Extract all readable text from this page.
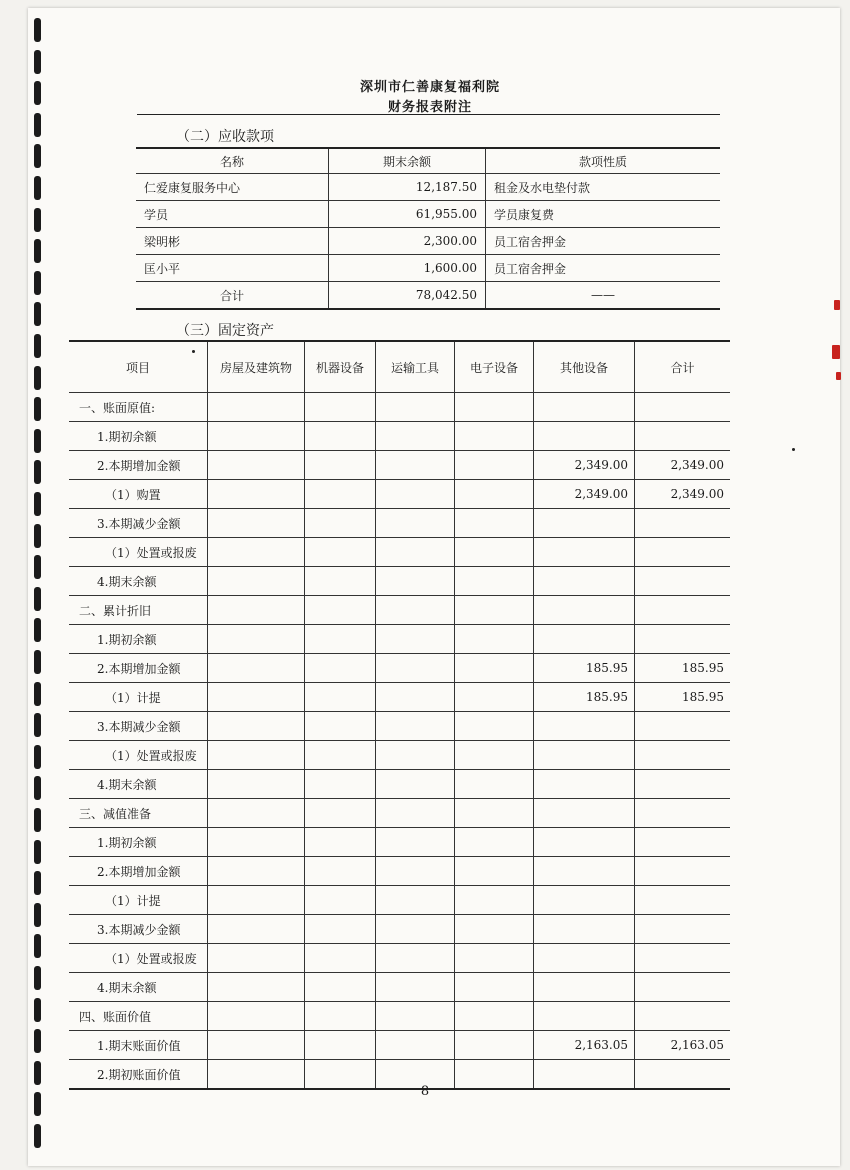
深圳市仁善康复福利院
财务报表附注
（二）应收款项
名称	期末余额	款项性质
仁爱康复服务中心	12,187.50	租金及水电垫付款
学员	61,955.00	学员康复费
梁明彬	2,300.00	员工宿舍押金
匡小平	1,600.00	员工宿舍押金
合计	78,042.50	——
（三）固定资产
项目	房屋及建筑物	机器设备	运输工具	电子设备	其他设备	合计
一、账面原值:						
1.期初余额						
2.本期增加金额					2,349.00	2,349.00
（1）购置					2,349.00	2,349.00
3.本期减少金额						
（1）处置或报废						
4.期末余额						
二、累计折旧						
1.期初余额						
2.本期增加金额					185.95	185.95
（1）计提					185.95	185.95
3.本期减少金额						
（1）处置或报废						
4.期末余额						
三、减值准备						
1.期初余额						
2.本期增加金额						
（1）计提						
3.本期减少金额						
（1）处置或报废						
4.期末余额						
四、账面价值						
1.期末账面价值					2,163.05	2,163.05
2.期初账面价值						
8
